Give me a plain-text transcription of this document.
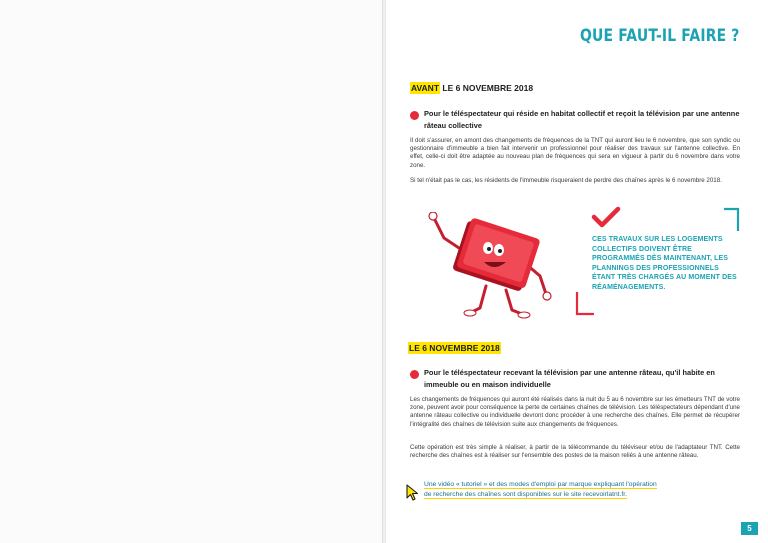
QUE FAUT-IL FAIRE ?
AVANT LE 6 NOVEMBRE 2018
Pour le téléspectateur qui réside en habitat collectif et reçoit la télévision par une antenne râteau collective
Il doit s'assurer, en amont des changements de fréquences de la TNT qui auront lieu le 6 novembre, que son syndic ou gestionnaire d'immeuble a bien fait intervenir un professionnel pour réaliser des travaux sur l'antenne collective. En effet, celle-ci doit être adaptée au nouveau plan de fréquences qui sera en vigueur à partir du 6 novembre dans votre zone.
Si tel n'était pas le cas, les résidents de l'immeuble risqueraient de perdre des chaînes après le 6 novembre 2018.
CES TRAVAUX SUR LES LOGEMENTS COLLECTIFS DOIVENT ÊTRE PROGRAMMÉS DÈS MAINTENANT, LES PLANNINGS DES PROFESSIONNELS ÉTANT TRÈS CHARGÉS AU MOMENT DES RÉAMÉNAGEMENTS.
LE 6 NOVEMBRE 2018
Pour le téléspectateur recevant la télévision par une antenne râteau, qu'il habite en immeuble ou en maison individuelle
Les changements de fréquences qui auront été réalisés dans la nuit du 5 au 6 novembre sur les émetteurs TNT de votre zone, peuvent avoir pour conséquence la perte de certaines chaînes de télévision. Les téléspectateurs dépendant d'une antenne râteau collective ou individuelle devront donc procéder à une recherche des chaînes. Elle permet de récupérer l'intégralité des chaînes de télévision suite aux changements de fréquences.
Cette opération est très simple à réaliser, à partir de la télécommande du téléviseur et/ou de l'adaptateur TNT. Cette recherche des chaînes est à réaliser sur l'ensemble des postes de la maison reliés à une antenne râteau.
Une vidéo « tutoriel » et des modes d'emploi par marque expliquant l'opération
de recherche des chaînes sont disponibles sur le site recevoirlatnt.fr.
5
